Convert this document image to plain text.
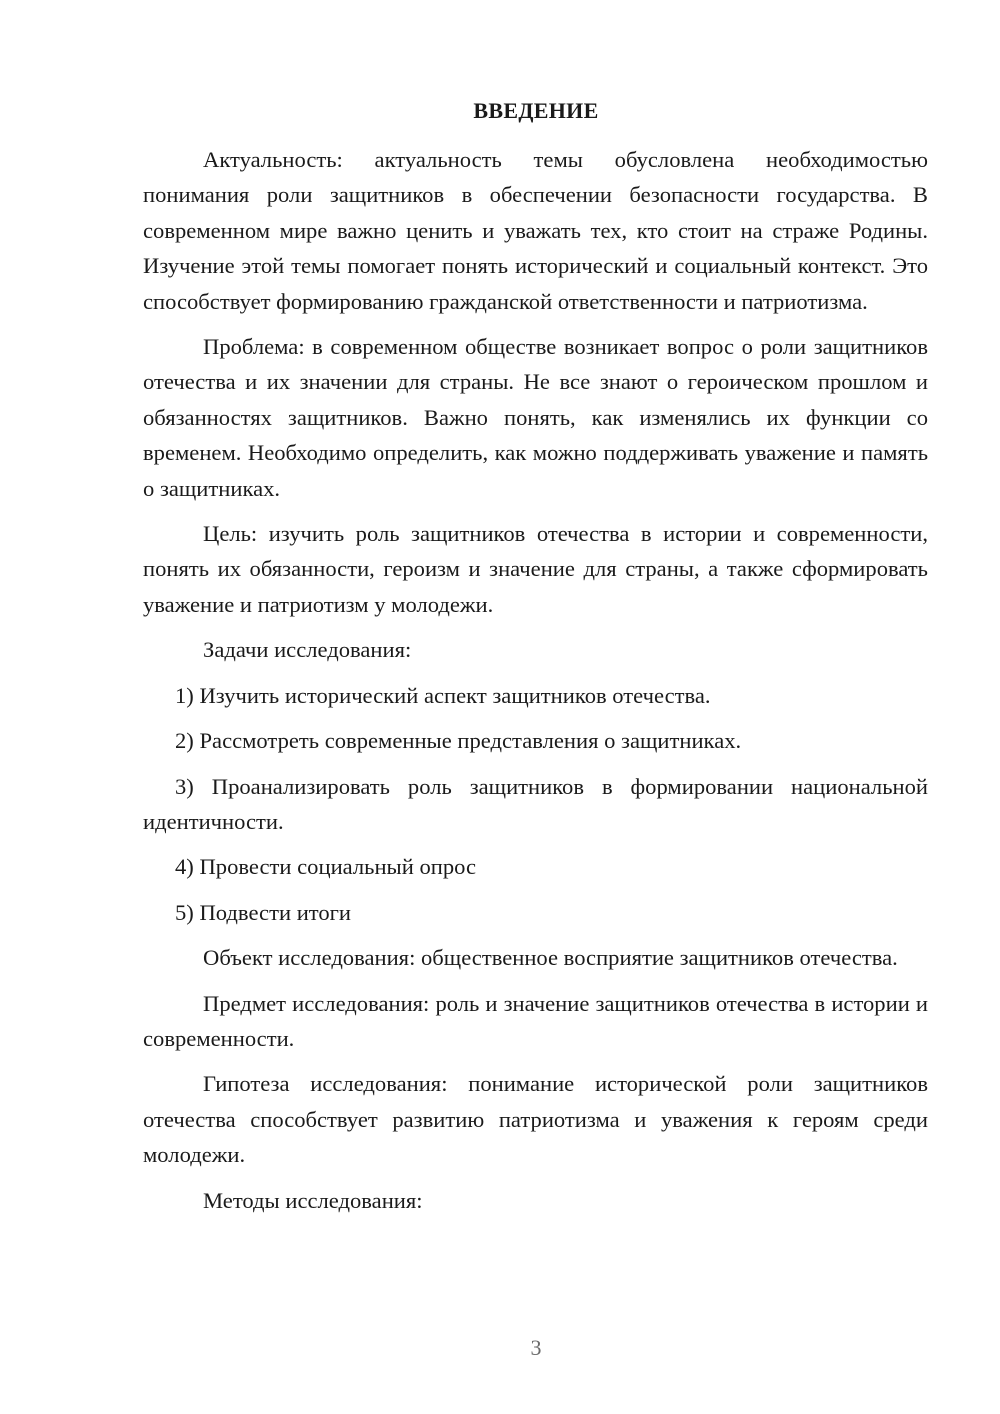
ВВЕДЕНИЕ

Актуальность: актуальность темы обусловлена необходимостью понимания роли защитников в обеспечении безопасности государства. В современном мире важно ценить и уважать тех, кто стоит на страже Родины. Изучение этой темы помогает понять исторический и социальный контекст. Это способствует формированию гражданской ответственности и патриотизма.

Проблема: в современном обществе возникает вопрос о роли защитников отечества и их значении для страны. Не все знают о героическом прошлом и обязанностях защитников. Важно понять, как изменялись их функции со временем. Необходимо определить, как можно поддерживать уважение и память о защитниках.

Цель: изучить роль защитников отечества в истории и современности, понять их обязанности, героизм и значение для страны, а также сформировать уважение и патриотизм у молодежи.

Задачи исследования:

1) Изучить исторический аспект защитников отечества.

2) Рассмотреть современные представления о защитниках.

3) Проанализировать роль защитников в формировании национальной идентичности.

4) Провести социальный опрос

5) Подвести итоги

Объект исследования: общественное восприятие защитников отечества.

Предмет исследования: роль и значение защитников отечества в истории и современности.

Гипотеза исследования: понимание исторической роли защитников отечества способствует развитию патриотизма и уважения к героям среди молодежи.

Методы исследования:

3
